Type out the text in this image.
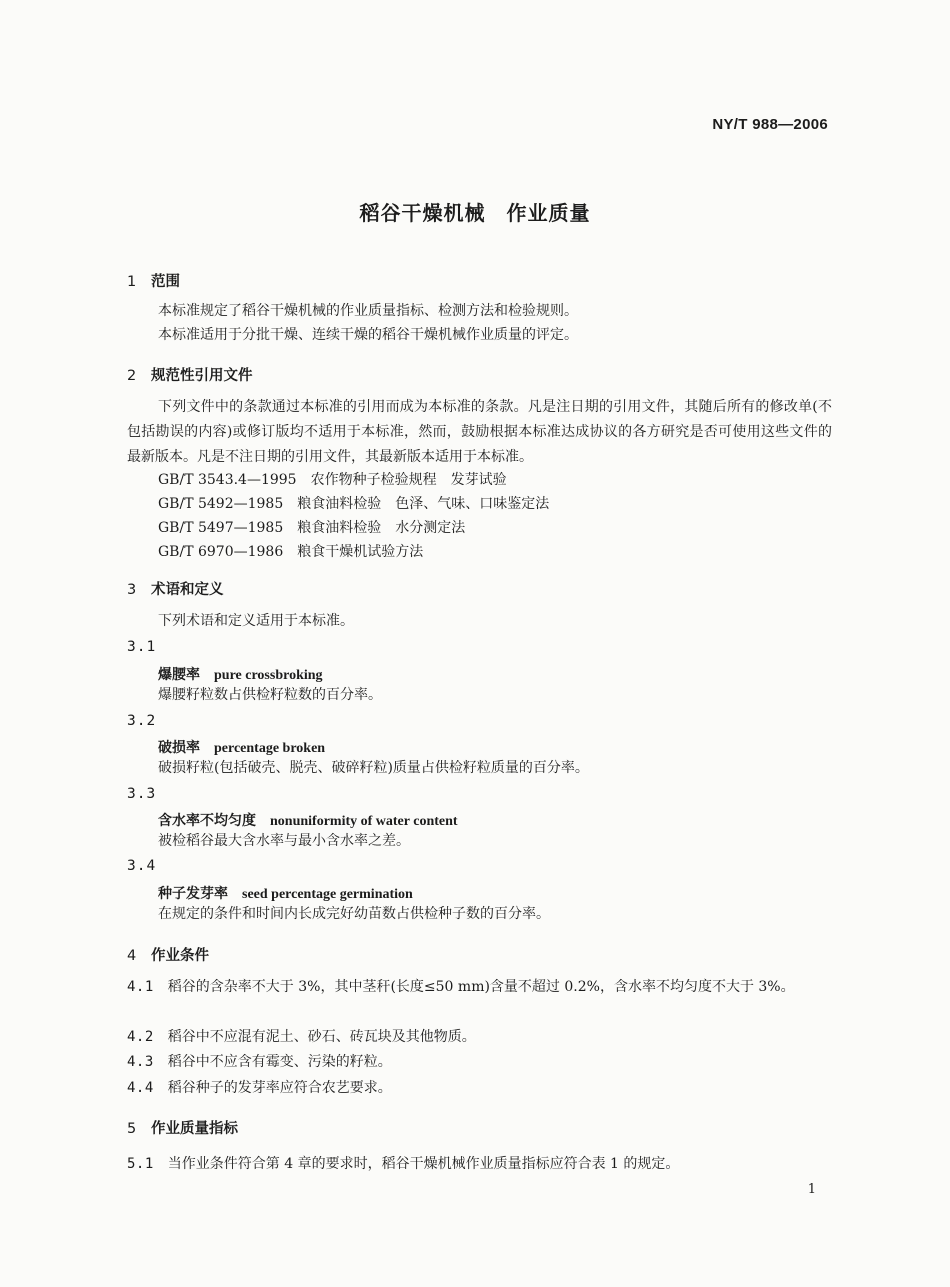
NY/T 988—2006
稻谷干燥机械　作业质量
1 范围
本标准规定了稻谷干燥机械的作业质量指标、检测方法和检验规则。
本标准适用于分批干燥、连续干燥的稻谷干燥机械作业质量的评定。
2 规范性引用文件
下列文件中的条款通过本标准的引用而成为本标准的条款。凡是注日期的引用文件，其随后所有的修改单(不包括勘误的内容)或修订版均不适用于本标准，然而，鼓励根据本标准达成协议的各方研究是否可使用这些文件的最新版本。凡是不注日期的引用文件，其最新版本适用于本标准。
GB/T 3543.4—1995　农作物种子检验规程　发芽试验
GB/T 5492—1985　粮食油料检验　色泽、气味、口味鉴定法
GB/T 5497—1985　粮食油料检验　水分测定法
GB/T 6970—1986　粮食干燥机试验方法
3 术语和定义
下列术语和定义适用于本标准。
3.1
爆腰率 pure crossbroking
爆腰籽粒数占供检籽粒数的百分率。
3.2
破损率 percentage broken
破损籽粒(包括破壳、脱壳、破碎籽粒)质量占供检籽粒质量的百分率。
3.3
含水率不均匀度 nonuniformity of water content
被检稻谷最大含水率与最小含水率之差。
3.4
种子发芽率 seed percentage germination
在规定的条件和时间内长成完好幼苗数占供检种子数的百分率。
4 作业条件
4.1 稻谷的含杂率不大于 3%，其中茎秆(长度≤50 mm)含量不超过 0.2%，含水率不均匀度不大于 3%。
4.2 稻谷中不应混有泥土、砂石、砖瓦块及其他物质。
4.3 稻谷中不应含有霉变、污染的籽粒。
4.4 稻谷种子的发芽率应符合农艺要求。
5 作业质量指标
5.1 当作业条件符合第 4 章的要求时，稻谷干燥机械作业质量指标应符合表 1 的规定。
1
